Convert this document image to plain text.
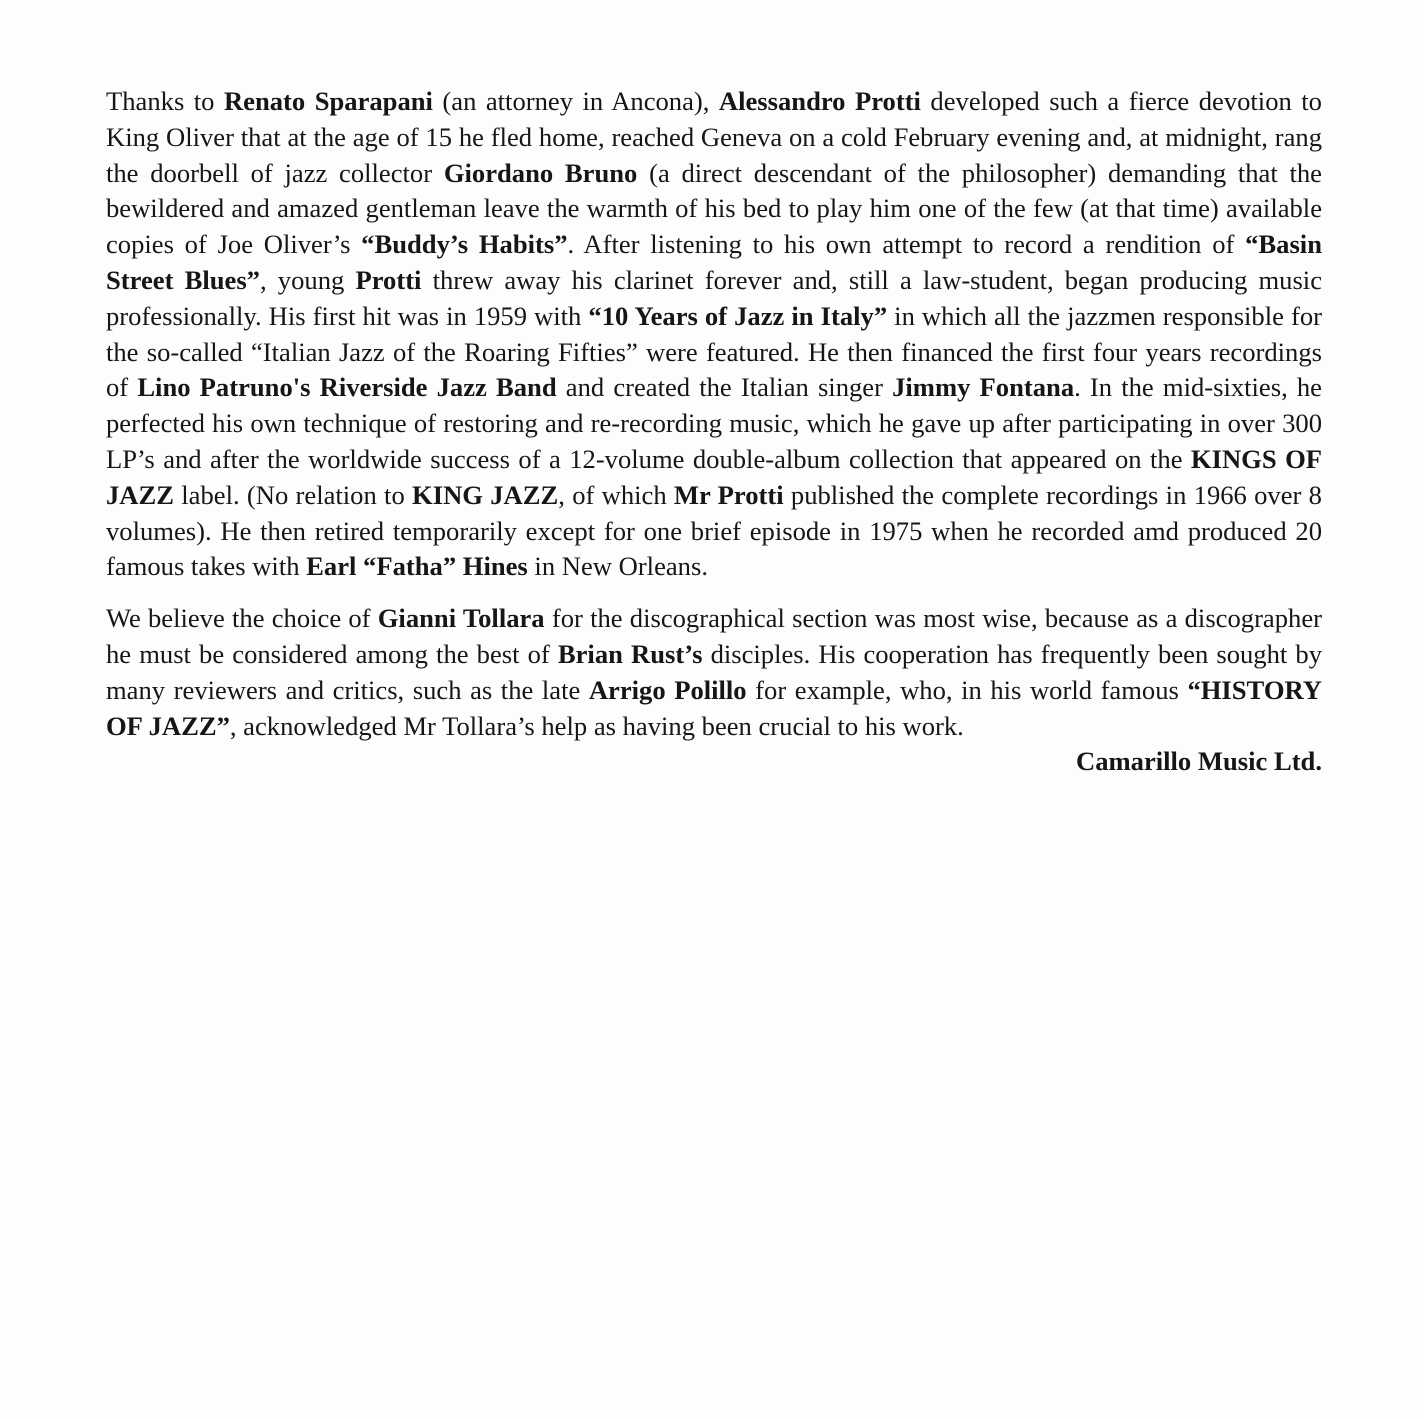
Thanks to Renato Sparapani (an attorney in Ancona), Alessandro Protti developed such a fierce devotion to King Oliver that at the age of 15 he fled home, reached Geneva on a cold February evening and, at midnight, rang the doorbell of jazz collector Giordano Bruno (a direct descendant of the philosopher) demanding that the bewildered and amazed gentleman leave the warmth of his bed to play him one of the few (at that time) available copies of Joe Oliver’s “Buddy’s Habits”. After listening to his own attempt to record a rendition of “Basin Street Blues”, young Protti threw away his clarinet forever and, still a law-student, began producing music professionally. His first hit was in 1959 with “10 Years of Jazz in Italy” in which all the jazzmen responsible for the so-called “Italian Jazz of the Roaring Fifties” were featured. He then financed the first four years recordings of Lino Patruno's Riverside Jazz Band and created the Italian singer Jimmy Fontana. In the mid-sixties, he perfected his own technique of restoring and re-recording music, which he gave up after participating in over 300 LP’s and after the worldwide success of a 12-volume double-album collection that appeared on the KINGS OF JAZZ label. (No relation to KING JAZZ, of which Mr Protti published the complete recordings in 1966 over 8 volumes). He then retired temporarily except for one brief episode in 1975 when he recorded amd produced 20 famous takes with Earl “Fatha” Hines in New Orleans.

We believe the choice of Gianni Tollara for the discographical section was most wise, because as a discographer he must be considered among the best of Brian Rust’s disciples. His cooperation has frequently been sought by many reviewers and critics, such as the late Arrigo Polillo for example, who, in his world famous “HISTORY OF JAZZ”, acknowledged Mr Tollara’s help as having been crucial to his work.

Camarillo Music Ltd.
